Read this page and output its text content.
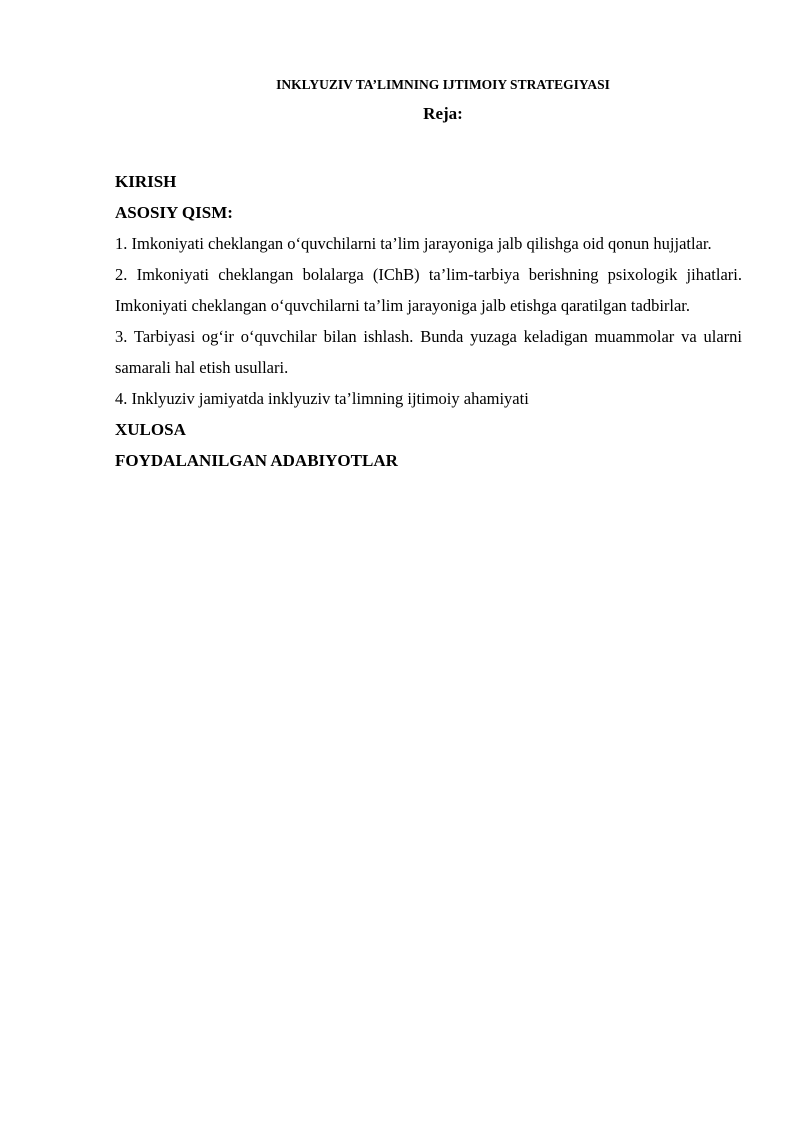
INKLYUZIV TA’LIMNING IJTIMOIY STRATEGIYASI
Reja:

KIRISH

ASOSIY QISM:

1. Imkoniyati cheklangan o‘quvchilarni ta’lim jarayoniga jalb qilishga oid qonun hujjatlar.

2. Imkoniyati cheklangan bolalarga (IChB) ta’lim-tarbiya berishning psixologik jihatlari. Imkoniyati cheklangan o‘quvchilarni ta’lim jarayoniga jalb etishga qaratilgan tadbirlar.

3. Tarbiyasi og‘ir o‘quvchilar bilan ishlash. Bunda yuzaga keladigan muammolar va ularni samarali hal etish usullari.

4. Inklyuziv jamiyatda inklyuziv ta’limning ijtimoiy ahamiyati

XULOSA

FOYDALANILGAN ADABIYOTLAR
